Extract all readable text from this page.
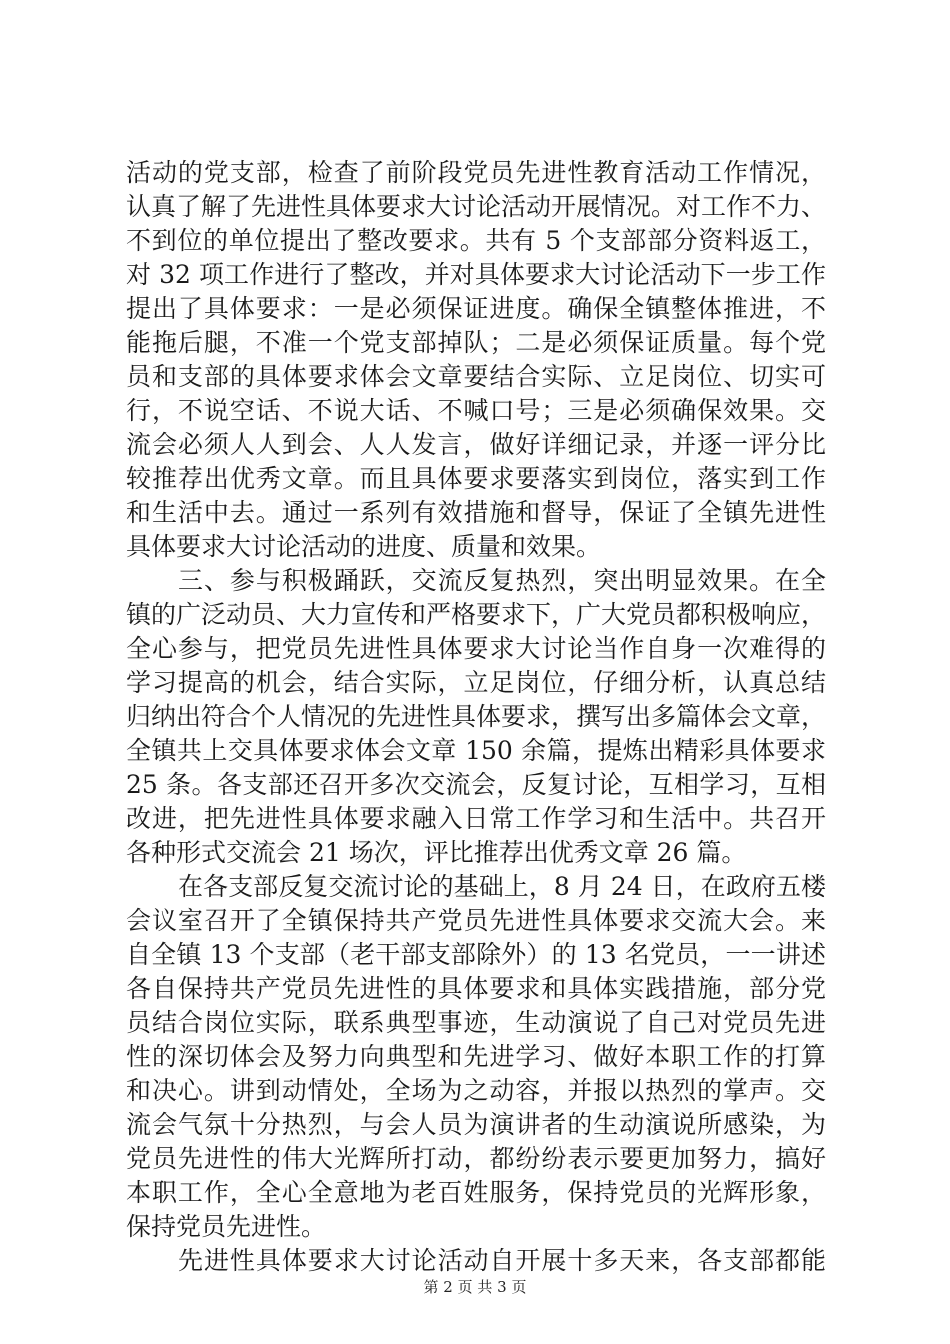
活动的党支部，检查了前阶段党员先进性教育活动工作情况，
认真了解了先进性具体要求大讨论活动开展情况。对工作不力、
不到位的单位提出了整改要求。共有 5 个支部部分资料返工，
对 32 项工作进行了整改，并对具体要求大讨论活动下一步工作
提出了具体要求：一是必须保证进度。确保全镇整体推进，不
能拖后腿，不准一个党支部掉队；二是必须保证质量。每个党
员和支部的具体要求体会文章要结合实际、立足岗位、切实可
行，不说空话、不说大话、不喊口号；三是必须确保效果。交
流会必须人人到会、人人发言，做好详细记录，并逐一评分比
较推荐出优秀文章。而且具体要求要落实到岗位，落实到工作
和生活中去。通过一系列有效措施和督导，保证了全镇先进性
具体要求大讨论活动的进度、质量和效果。
三、参与积极踊跃，交流反复热烈，突出明显效果。在全
镇的广泛动员、大力宣传和严格要求下，广大党员都积极响应，
全心参与，把党员先进性具体要求大讨论当作自身一次难得的
学习提高的机会，结合实际，立足岗位，仔细分析，认真总结
归纳出符合个人情况的先进性具体要求，撰写出多篇体会文章，
全镇共上交具体要求体会文章 150 余篇，提炼出精彩具体要求
25 条。各支部还召开多次交流会，反复讨论，互相学习，互相
改进，把先进性具体要求融入日常工作学习和生活中。共召开
各种形式交流会 21 场次，评比推荐出优秀文章 26 篇。
在各支部反复交流讨论的基础上，8 月 24 日，在政府五楼
会议室召开了全镇保持共产党员先进性具体要求交流大会。来
自全镇 13 个支部（老干部支部除外）的 13 名党员，一一讲述
各自保持共产党员先进性的具体要求和具体实践措施，部分党
员结合岗位实际，联系典型事迹，生动演说了自己对党员先进
性的深切体会及努力向典型和先进学习、做好本职工作的打算
和决心。讲到动情处，全场为之动容，并报以热烈的掌声。交
流会气氛十分热烈，与会人员为演讲者的生动演说所感染，为
党员先进性的伟大光辉所打动，都纷纷表示要更加努力，搞好
本职工作，全心全意地为老百姓服务，保持党员的光辉形象，
保持党员先进性。
先进性具体要求大讨论活动自开展十多天来，各支部都能
第 2 页 共 3 页
